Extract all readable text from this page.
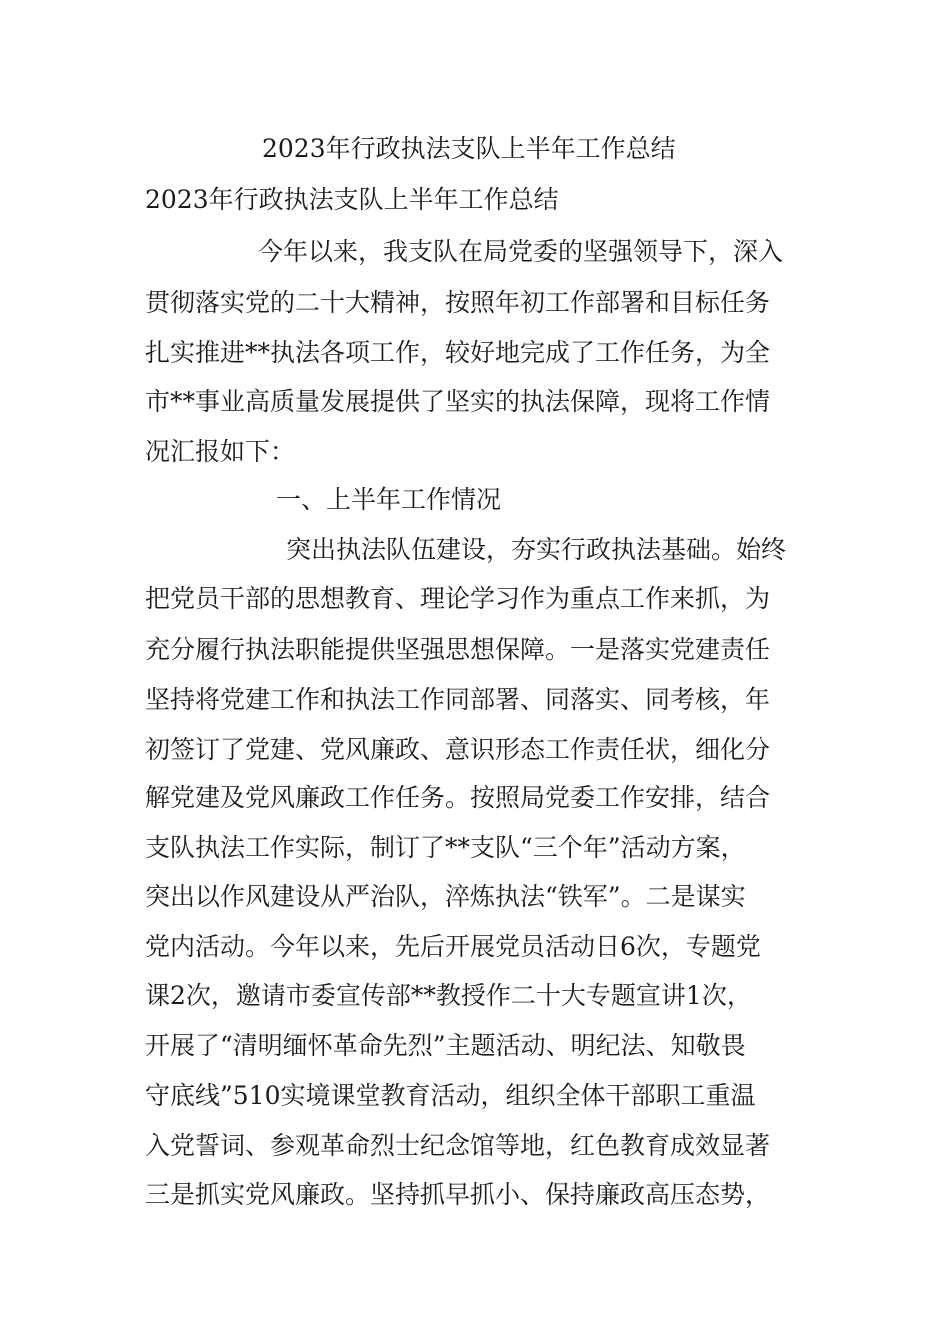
2023年行政执法支队上半年工作总结
2023年行政执法支队上半年工作总结
今年以来，我支队在局党委的坚强领导下，深入
贯彻落实党的二十大精神，按照年初工作部署和目标任务
扎实推进**执法各项工作，较好地完成了工作任务，为全
市**事业高质量发展提供了坚实的执法保障，现将工作情
况汇报如下：
一、上半年工作情况
突出执法队伍建设，夯实行政执法基础。始终
把党员干部的思想教育、理论学习作为重点工作来抓，为
充分履行执法职能提供坚强思想保障。一是落实党建责任
坚持将党建工作和执法工作同部署、同落实、同考核，年
初签订了党建、党风廉政、意识形态工作责任状，细化分
解党建及党风廉政工作任务。按照局党委工作安排，结合
支队执法工作实际，制订了**支队“三个年”活动方案，
突出以作风建设从严治队，淬炼执法“铁军”。二是谋实
党内活动。今年以来，先后开展党员活动日6次，专题党
课2次，邀请市委宣传部**教授作二十大专题宣讲1次，
开展了“清明缅怀革命先烈”主题活动、明纪法、知敬畏
守底线”510实境课堂教育活动，组织全体干部职工重温
入党誓词、参观革命烈士纪念馆等地，红色教育成效显著
三是抓实党风廉政。坚持抓早抓小、保持廉政高压态势，
